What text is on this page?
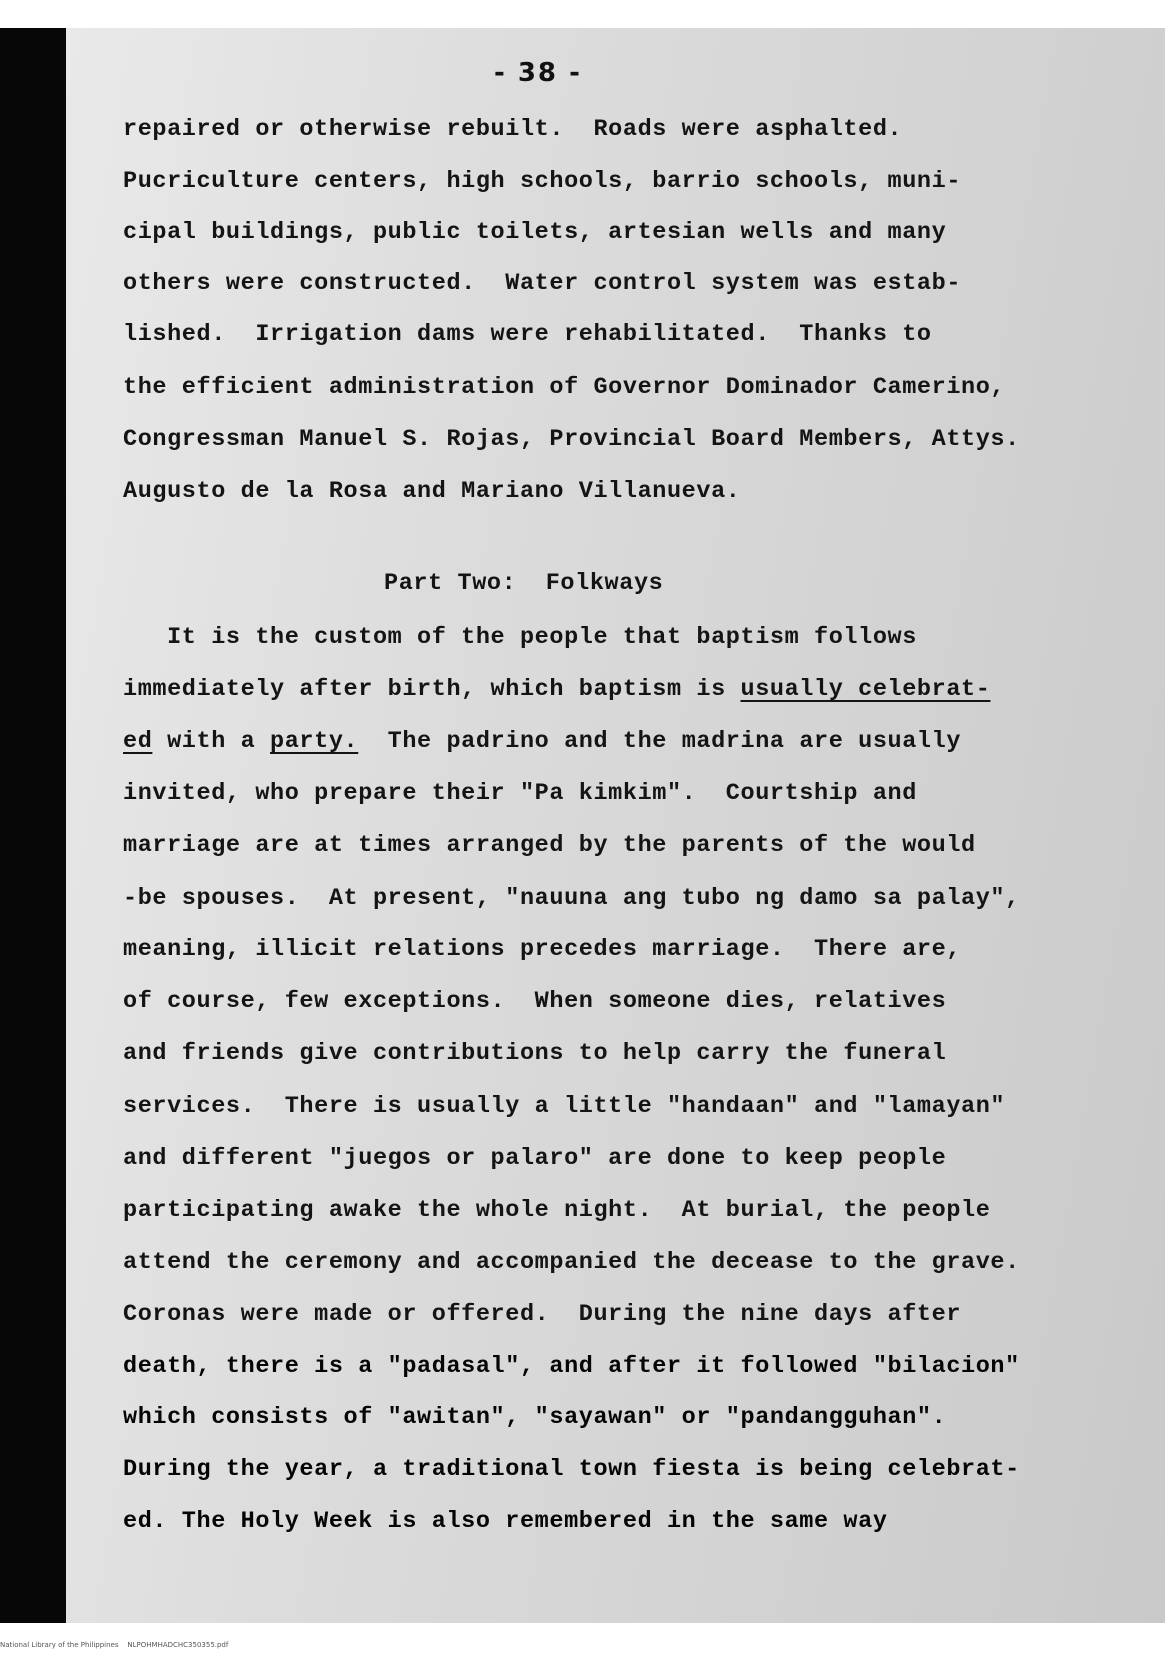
- 38 -
repaired or otherwise rebuilt.  Roads were asphalted.
Pucriculture centers, high schools, barrio schools, muni-
cipal buildings, public toilets, artesian wells and many
others were constructed.  Water control system was estab-
lished.  Irrigation dams were rehabilitated.  Thanks to
the efficient administration of Governor Dominador Camerino,
Congressman Manuel S. Rojas, Provincial Board Members, Attys.
Augusto de la Rosa and Mariano Villanueva.
Part Two:  Folkways
It is the custom of the people that baptism follows
immediately after birth, which baptism is usually celebrat-
ed with a party.  The padrino and the madrina are usually
invited, who prepare their "Pa kimkim".  Courtship and
marriage are at times arranged by the parents of the would
-be spouses.  At present, "nauuna ang tubo ng damo sa palay",
meaning, illicit relations precedes marriage.  There are,
of course, few exceptions.  When someone dies, relatives
and friends give contributions to help carry the funeral
services.  There is usually a little "handaan" and "lamayan"
and different "juegos or palaro" are done to keep people
participating awake the whole night.  At burial, the people
attend the ceremony and accompanied the decease to the grave.
Coronas were made or offered.  During the nine days after
death, there is a "padasal", and after it followed "bilacion"
which consists of "awitan", "sayawan" or "pandangguhan".
During the year, a traditional town fiesta is being celebrat-
ed. The Holy Week is also remembered in the same way
National Library of the Philippines    NLPOHMHADCHC350355.pdf
